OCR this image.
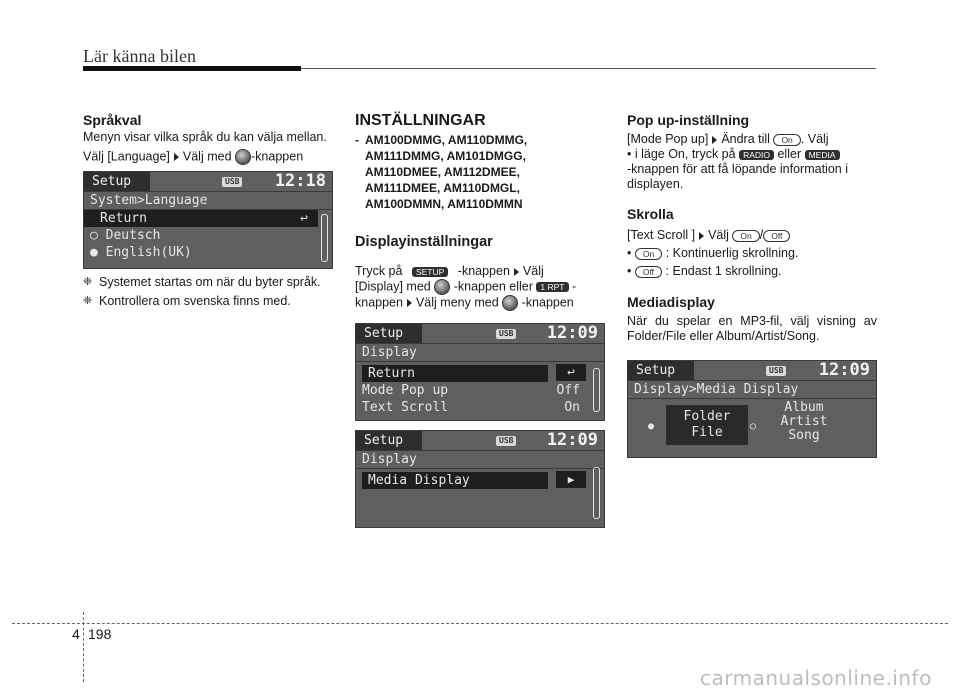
Lär känna bilen
Språkval

Menyn visar vilka språk du kan välja mellan.

Välj [Language] Välj med -knappen

Setup	USB 12:18
System>Language
Return	↩
○ Deutsch
● English(UK)
❈ Systemet startas om när du byter språk.
❈ Kontrollera om svenska finns med.
INSTÄLLNINGAR
- AM100DMMG, AM110DMMG,
AM111DMMG, AM101DMGG,
AM110DMEE, AM112DMEE,
AM111DMEE, AM110DMGL,
AM100DMMN, AM110DMMN
Displayinställningar

Tryck på SETUP -knappen Välj
[Display] med -knappen eller 1 RPT -
knappen Välj meny med -knappen

Setup	USB 12:09
Display
Return	↩
Mode Pop up	Off
Text Scroll	On
Setup	USB 12:09
Display
Media Display	▶
Pop up-inställning

[Mode Pop up] Ändra till On . Välj
• i läge On, tryck på RADIO eller MEDIA
-knappen för att få löpande information i displayen.

Skrolla

[Text Scroll ] Välj On / Off
• On : Kontinuerlig skrollning.
• Off : Endast 1 skrollning.

Mediadisplay

När du spelar en MP3-fil, välj visning av Folder/File eller Album/Artist/Song.

Setup	USB 12:09
Display>Media Display
●
Folder
File	○
Album
Artist
Song
4 198
carmanualsonline.info
